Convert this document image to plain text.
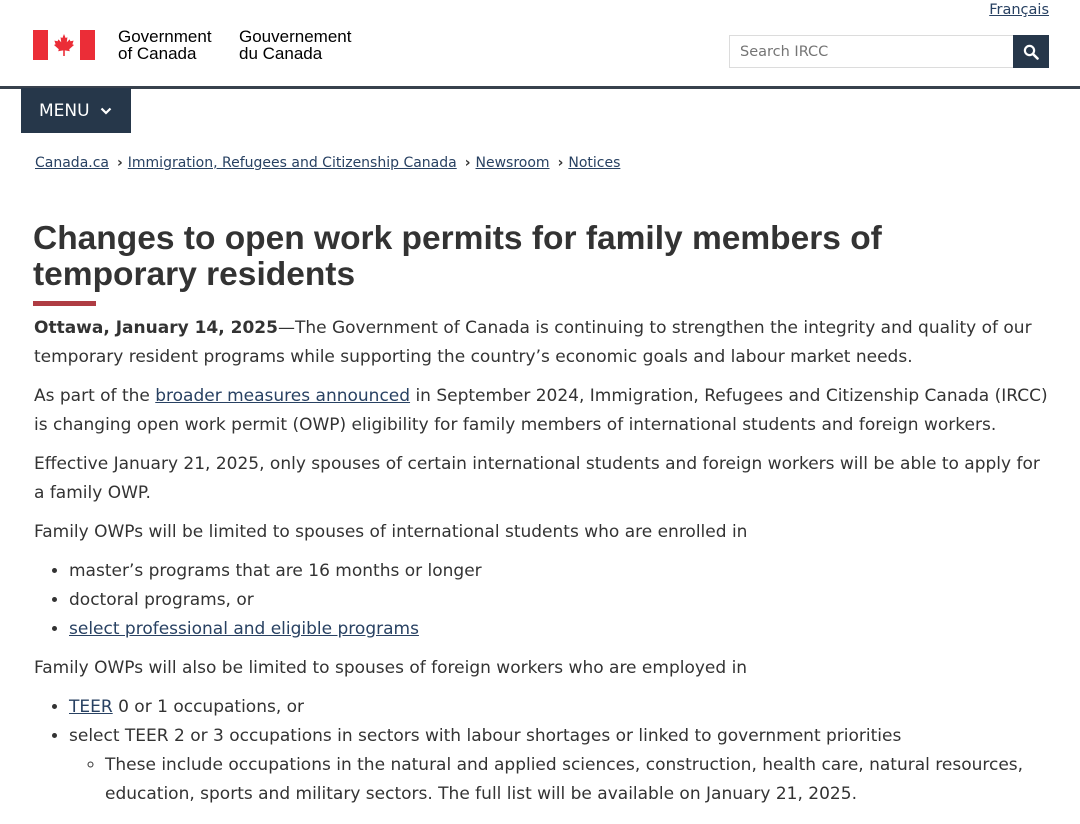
Français
Government
of Canada
Gouvernement
du Canada
Search IRCC
MENU
Canada.ca › Immigration, Refugees and Citizenship Canada › Newsroom › Notices
Changes to open work permits for family members of temporary residents

Ottawa, January 14, 2025—The Government of Canada is continuing to strengthen the integrity and quality of our temporary resident programs while supporting the country’s economic goals and labour market needs.

As part of the broader measures announced in September 2024, Immigration, Refugees and Citizenship Canada (IRCC) is changing open work permit (OWP) eligibility for family members of international students and foreign workers.

Effective January 21, 2025, only spouses of certain international students and foreign workers will be able to apply for a family OWP.

Family OWPs will be limited to spouses of international students who are enrolled in

• master’s programs that are 16 months or longer
• doctoral programs, or
• select professional and eligible programs

Family OWPs will also be limited to spouses of foreign workers who are employed in

• TEER 0 or 1 occupations, or
• select TEER 2 or 3 occupations in sectors with labour shortages or linked to government priorities
◦ These include occupations in the natural and applied sciences, construction, health care, natural resources, education, sports and military sectors. The full list will be available on January 21, 2025.
